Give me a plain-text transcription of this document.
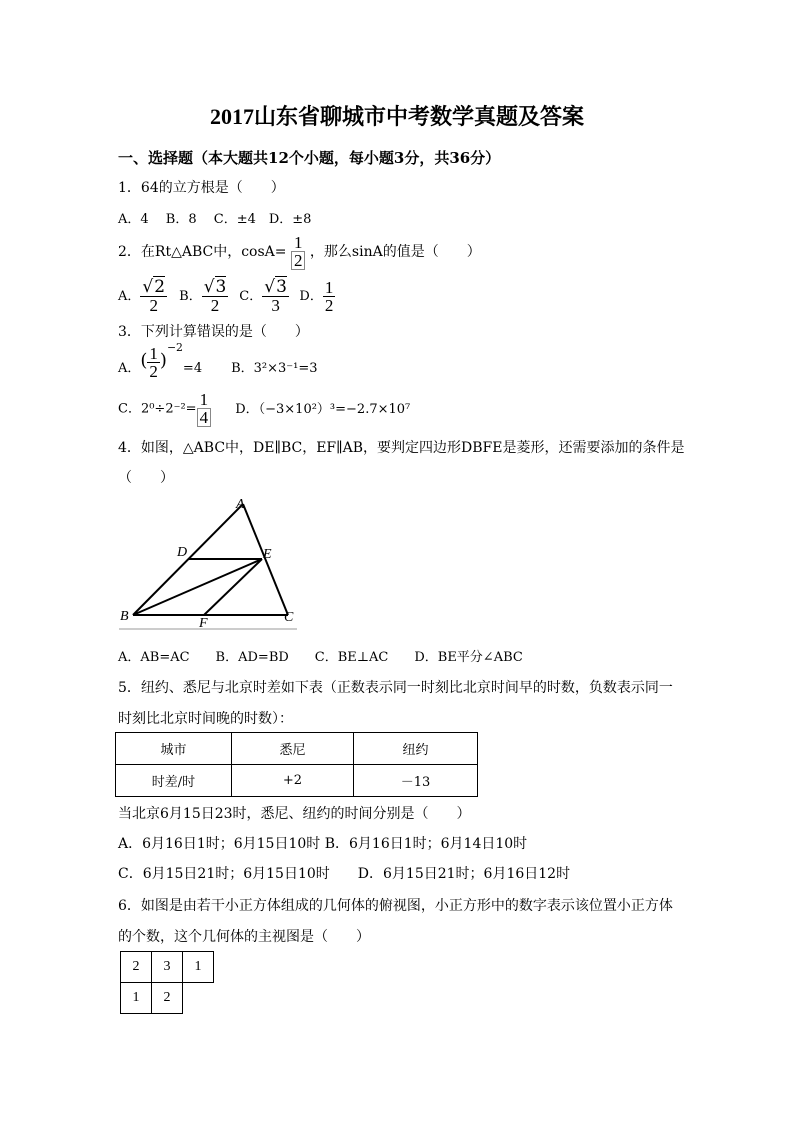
2017山东省聊城市中考数学真题及答案
一、选择题（本大题共12个小题，每小题3分，共36分）
1．64的立方根是（　　）
A．4　 B．8　 C．±4　D．±8
2．在Rt△ABC中，$\cos A= \frac{1}{2}$ ，那么sinA的值是（　　）
A． $\frac{√2}{2}$ B． $\frac{√3}{2}$ C． $\frac{√3}{3}$ D． $\frac{1}{2}$
3．下列计算错误的是（　　）
A．( $\frac{1}{2} )^{-2}=4$ B．3²×3⁻¹=3
C．$2^0\div 2^{-2}= \frac{1}{4}$ D．（−3×10²）³=−2.7×10⁷
4．如图，△ABC中，DE∥BC，EF∥AB，要判定四边形DBFE是菱形，还需要添加的条件是
（　　）
A
B	C
D	E
F
A．AB=AC　　B．AD=BD　　C．BE⊥AC　　D．BE平分∠ABC
5．纽约、悉尼与北京时差如下表（正数表示同一时刻比北京时间早的时数，负数表示同一
时刻比北京时间晚的时数）：
城市	悉尼	纽约
时差/时	+2	－13
当北京6月15日23时，悉尼、纽约的时间分别是（　　）
A．6月16日1时；6月15日10时 B．6月16日1时；6月14日10时
C．6月15日21时；6月15日10时　　D．6月15日21时；6月16日12时
6．如图是由若干小正方体组成的几何体的俯视图，小正方形中的数字表示该位置小正方体
的个数，这个几何体的主视图是（　　）
2	3	1
1	2	
